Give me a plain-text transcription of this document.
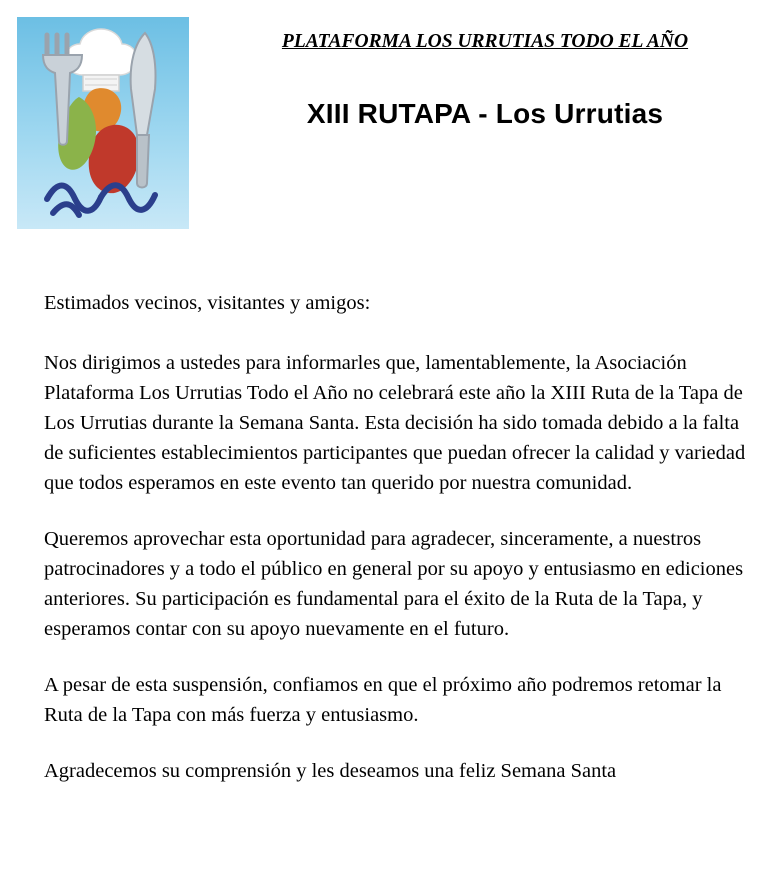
PLATAFORMA LOS URRUTIAS TODO EL AÑO
XIII RUTAPA - Los Urrutias

Estimados vecinos, visitantes y amigos:

Nos dirigimos a ustedes para informarles que, lamentablemente, la Asociación Plataforma Los Urrutias Todo el Año no celebrará este año la XIII Ruta de la Tapa de Los Urrutias durante la Semana Santa. Esta decisión ha sido tomada debido a la falta de suficientes establecimientos participantes que puedan ofrecer la calidad y variedad que todos esperamos en este evento tan querido por nuestra comunidad.

Queremos aprovechar esta oportunidad para agradecer, sinceramente, a nuestros patrocinadores y a todo el público en general por su apoyo y entusiasmo en ediciones anteriores. Su participación es fundamental para el éxito de la Ruta de la Tapa, y esperamos contar con su apoyo nuevamente en el futuro.

A pesar de esta suspensión, confiamos en que el próximo año podremos retomar la Ruta de la Tapa con más fuerza y entusiasmo.

Agradecemos su comprensión y les deseamos una feliz Semana Santa
